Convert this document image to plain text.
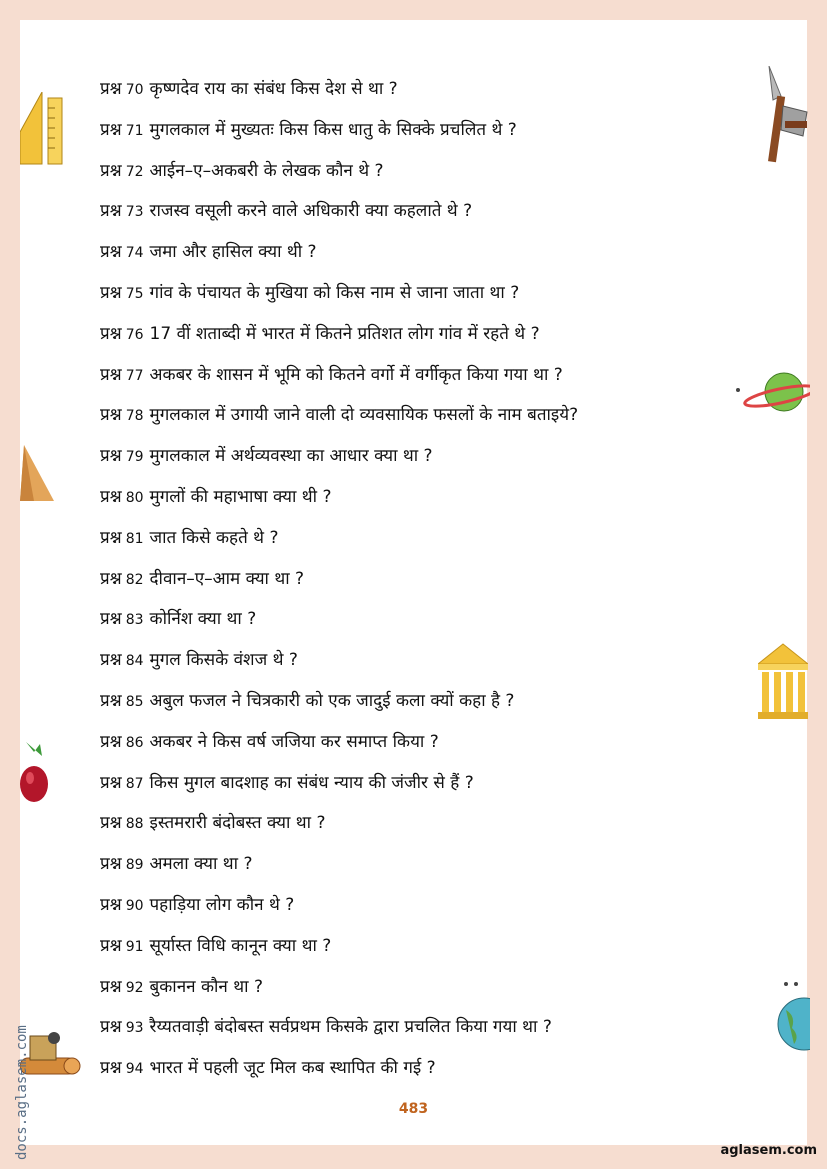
docs.aglasem.com
प्रश्न 70 कृष्णदेव राय का संबंध किस देश से था ?
प्रश्न 71 मुगलकाल में मुख्यतः किस किस धातु के सिक्के प्रचलित थे ?
प्रश्न 72 आईन–ए–अकबरी के लेखक कौन थे ?
प्रश्न 73 राजस्व वसूली करने वाले अधिकारी क्या कहलाते थे ?
प्रश्न 74 जमा और हासिल क्या थी ?
प्रश्न 75 गांव के पंचायत के मुखिया को किस नाम से जाना जाता था ?
प्रश्न 76 17 वीं शताब्दी में भारत में कितने प्रतिशत लोग गांव में रहते थे ?
प्रश्न 77 अकबर के शासन में भूमि को कितने वर्गो में वर्गीकृत किया गया था ?
प्रश्न 78 मुगलकाल में उगायी जाने वाली दो व्यवसायिक फसलों के नाम बताइये?
प्रश्न 79 मुगलकाल में अर्थव्यवस्था का आधार क्या था ?
प्रश्न 80 मुगलों की महाभाषा क्या थी ?
प्रश्न 81 जात किसे कहते थे ?
प्रश्न 82 दीवान–ए–आम क्या था ?
प्रश्न 83 कोर्निश क्या था ?
प्रश्न 84 मुगल किसके वंशज थे ?
प्रश्न 85 अबुल फजल ने चित्रकारी को एक जादुई कला क्यों कहा है ?
प्रश्न 86 अकबर ने किस वर्ष जजिया कर समाप्त किया ?
प्रश्न 87 किस मुगल बादशाह का संबंध न्याय की जंजीर से हैं ?
प्रश्न 88 इस्तमरारी बंदोबस्त क्या था ?
प्रश्न 89 अमला क्या था ?
प्रश्न 90 पहाड़िया लोग कौन थे ?
प्रश्न 91 सूर्यास्त विधि कानून क्या था ?
प्रश्न 92 बुकानन कौन था ?
प्रश्न 93 रैय्यतवाड़ी बंदोबस्त सर्वप्रथम किसके द्वारा प्रचलित किया गया था ?
प्रश्न 94 भारत में पहली जूट मिल कब स्थापित की गई ?
483
aglasem.com
